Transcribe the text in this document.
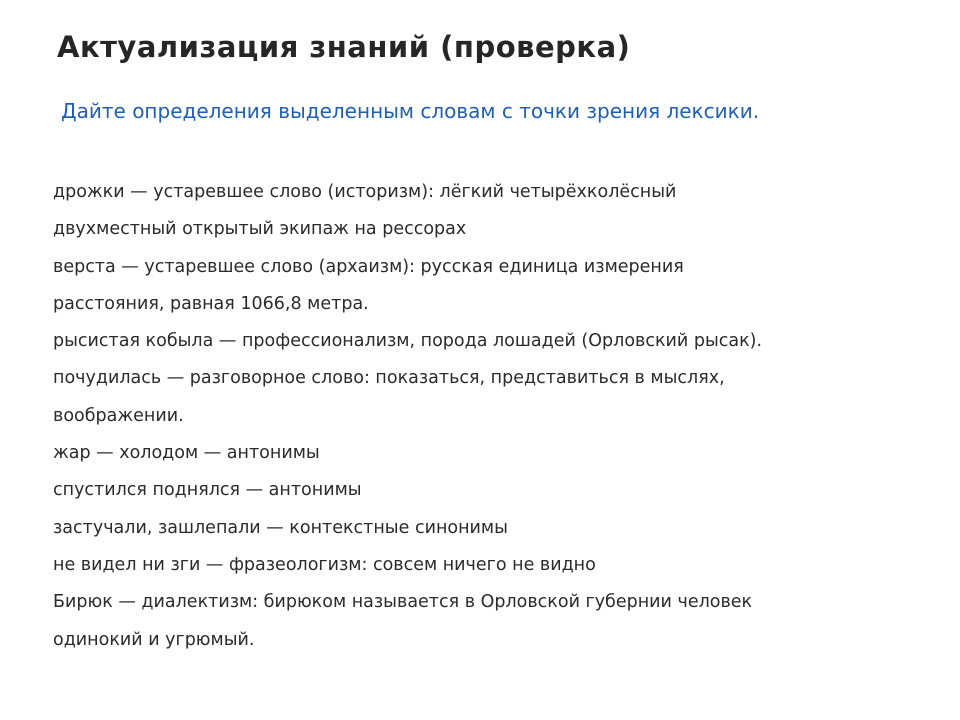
Актуализация знаний (проверка)

Дайте определения выделенным словам с точки зрения лексики.

дрожки — устаревшее слово (историзм): лёгкий четырёхколёсный
двухместный открытый экипаж на рессорах
верста — устаревшее слово (архаизм): русская единица измерения
расстояния, равная 1066,8 метра.
рысистая кобыла — профессионализм, порода лошадей (Орловский рысак).
почудилась — разговорное слово: показаться, представиться в мыслях,
воображении.
жар — холодом — антонимы
спустился поднялся — антонимы
застучали, зашлепали — контекстные синонимы
не видел ни зги — фразеологизм: совсем ничего не видно
Бирюк — диалектизм: бирюком называется в Орловской губернии человек
одинокий и угрюмый.
